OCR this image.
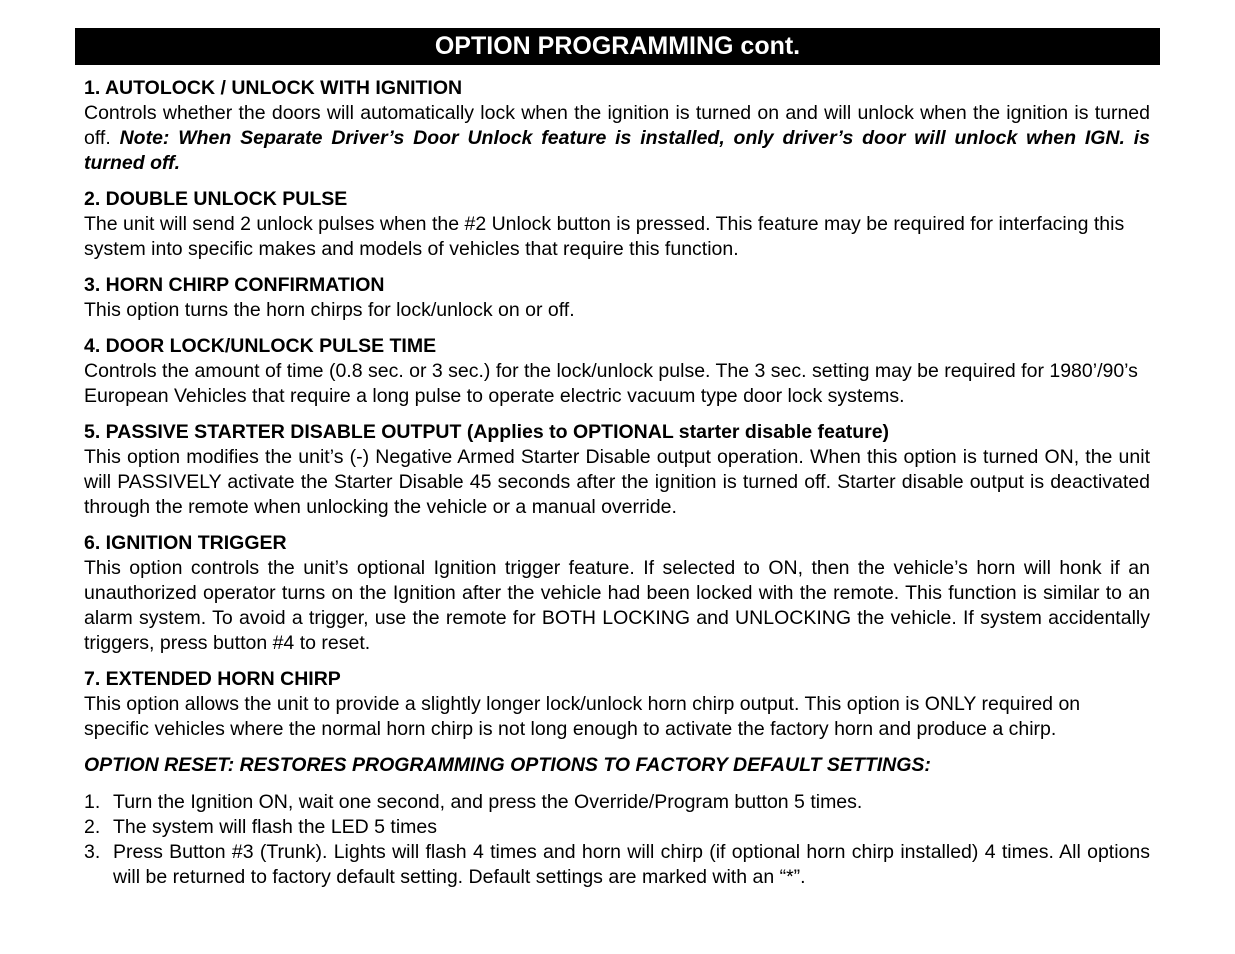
OPTION PROGRAMMING cont.
1. AUTOLOCK / UNLOCK WITH IGNITION
Controls whether the doors will automatically lock when the ignition is turned on and will unlock when the ignition is turned off. Note: When Separate Driver’s Door Unlock feature is installed, only driver’s door will unlock when IGN. is turned off.
2. DOUBLE UNLOCK PULSE
The unit will send 2 unlock pulses when the #2 Unlock button is pressed. This feature may be required for interfacing this system into specific makes and models of vehicles that require this function.
3. HORN CHIRP CONFIRMATION
This option turns the horn chirps for lock/unlock on or off.
4. DOOR LOCK/UNLOCK PULSE TIME
Controls the amount of time (0.8 sec. or 3 sec.) for the lock/unlock pulse. The 3 sec. setting may be required for 1980’/90’s European Vehicles that require a long pulse to operate electric vacuum type door lock systems.
5. PASSIVE STARTER DISABLE OUTPUT (Applies to OPTIONAL starter disable feature)
This option modifies the unit’s (-) Negative Armed Starter Disable output operation. When this option is turned ON, the unit will PASSIVELY activate the Starter Disable 45 seconds after the ignition is turned off. Starter disable output is deactivated through the remote when unlocking the vehicle or a manual override.
6. IGNITION TRIGGER
This option controls the unit’s optional Ignition trigger feature. If selected to ON, then the vehicle’s horn will honk if an unauthorized operator turns on the Ignition after the vehicle had been locked with the remote. This function is similar to an alarm system. To avoid a trigger, use the remote for BOTH LOCKING and UNLOCKING the vehicle. If system accidentally triggers, press button #4 to reset.
7. EXTENDED HORN CHIRP
This option allows the unit to provide a slightly longer lock/unlock horn chirp output. This option is ONLY required on specific vehicles where the normal horn chirp is not long enough to activate the factory horn and produce a chirp.
OPTION RESET: RESTORES PROGRAMMING OPTIONS TO FACTORY DEFAULT SETTINGS:
1. Turn the Ignition ON, wait one second, and press the Override/Program button 5 times.
2. The system will flash the LED 5 times
3. Press Button #3 (Trunk). Lights will flash 4 times and horn will chirp (if optional horn chirp installed) 4 times. All options will be returned to factory default setting. Default settings are marked with an “*”.
